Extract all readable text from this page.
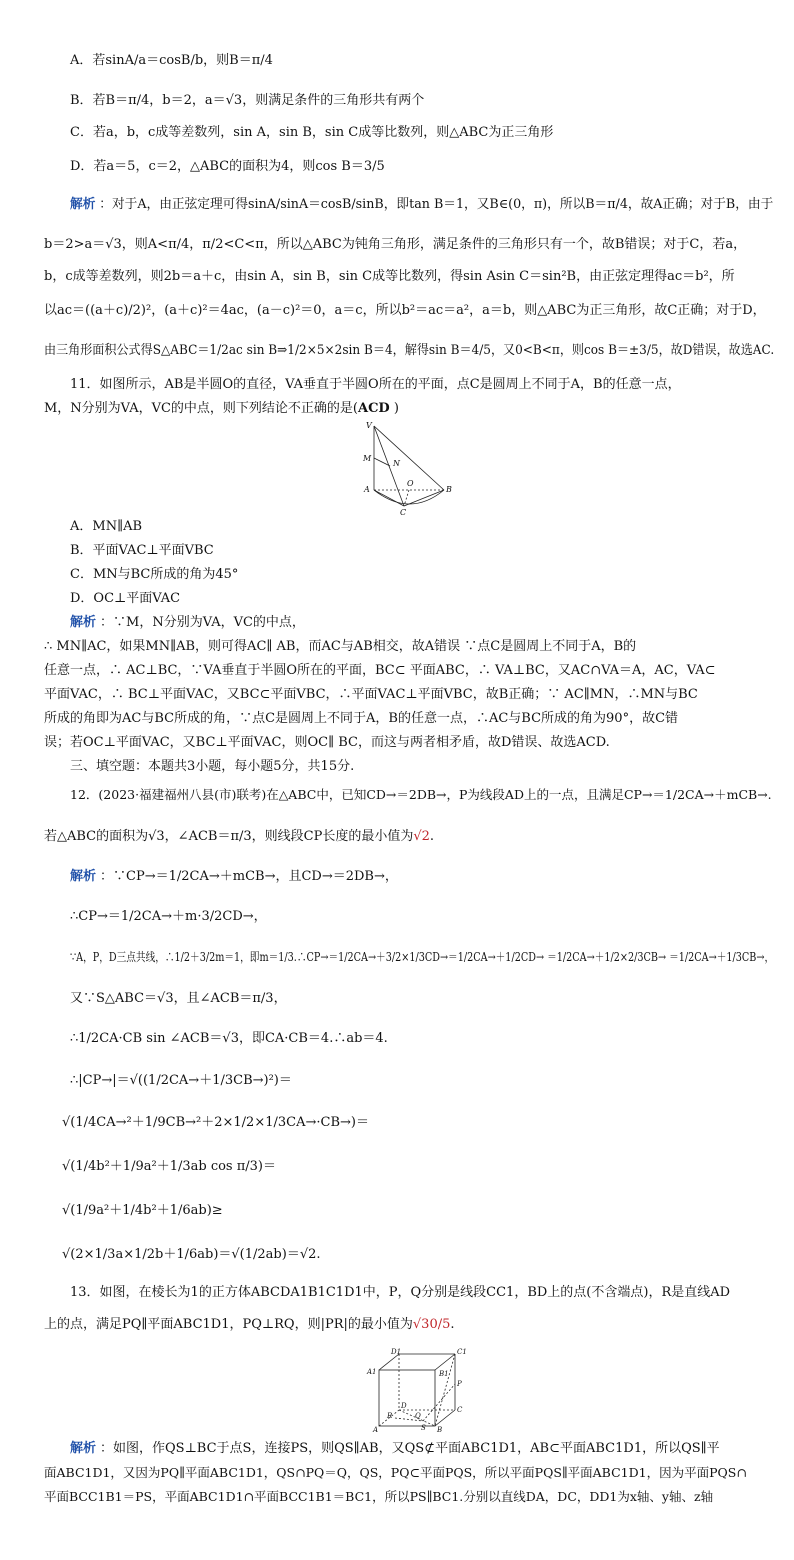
A．若sinA/a＝cosB/b，则B＝π/4
B．若B＝π/4，b＝2，a＝√3，则满足条件的三角形共有两个
C．若a，b，c成等差数列，sin A，sin B，sin C成等比数列，则△ABC为正三角形
D．若a＝5，c＝2，△ABC的面积为4，则cos B＝3/5
解析 ：对于A，由正弦定理可得sinA/sinA＝cosB/sinB，即tan B＝1，又B∈(0，π)，所以B＝π/4，故A正确；对于B，由于
b＝2>a＝√3，则A<π/4，π/2<C<π，所以△ABC为钝角三角形，满足条件的三角形只有一个，故B错误；对于C，若a，
b，c成等差数列，则2b＝a＋c，由sin A，sin B，sin C成等比数列，得sin Asin C＝sin²B，由正弦定理得ac＝b²，所
以ac＝((a＋c)/2)²，(a＋c)²＝4ac，(a－c)²＝0，a＝c，所以b²＝ac＝a²，a＝b，则△ABC为正三角形，故C正确；对于D，
由三角形面积公式得S△ABC＝1/2ac sin B⇒1/2×5×2sin B＝4，解得sin B＝4/5，又0<B<π，则cos B＝±3/5，故D错误，故选AC.
11．如图所示，AB是半圆O的直径，VA垂直于半圆O所在的平面，点C是圆周上不同于A，B的任意一点，
M，N分别为VA，VC的中点，则下列结论不正确的是(ACD )
V
M
N
O
A	B
C
A．MN∥AB
B．平面VAC⊥平面VBC
C．MN与BC所成的角为45°
D．OC⊥平面VAC
解析 ：∵M，N分别为VA，VC的中点，
∴ MN∥AC，如果MN∥AB，则可得AC∥ AB，而AC与AB相交，故A错误 ∵点C是圆周上不同于A，B的
任意一点，∴ AC⊥BC，∵VA垂直于半圆O所在的平面，BC⊂ 平面ABC，∴ VA⊥BC，又AC∩VA＝A，AC，VA⊂
平面VAC，∴ BC⊥平面VAC，又BC⊂平面VBC，∴平面VAC⊥平面VBC，故B正确；∵ AC∥MN，∴MN与BC
所成的角即为AC与BC所成的角，∵点C是圆周上不同于A，B的任意一点，∴AC与BC所成的角为90°，故C错
误；若OC⊥平面VAC，又BC⊥平面VAC，则OC∥ BC，而这与两者相矛盾，故D错误、故选ACD.
三、填空题：本题共3小题，每小题5分，共15分.
12．(2023·福建福州八县(市)联考)在△ABC中，已知CD→＝2DB→，P为线段AD上的一点，且满足CP→＝1/2CA→＋mCB→.
若△ABC的面积为√3，∠ACB＝π/3，则线段CP长度的最小值为√2.
解析 ：∵CP→＝1/2CA→＋mCB→，且CD→＝2DB→，
∴CP→＝1/2CA→＋m·3/2CD→，
∵A，P，D三点共线，∴1/2＋3/2m＝1，即m＝1/3.∴CP→＝1/2CA→＋3/2×1/3CD→＝1/2CA→＋1/2CD→ ＝1/2CA→＋1/2×2/3CB→ ＝1/2CA→＋1/3CB→，
又∵S△ABC＝√3，且∠ACB＝π/3，
∴1/2CA·CB sin ∠ACB＝√3，即CA·CB＝4.∴ab＝4.
∴|CP→|＝√((1/2CA→＋1/3CB→)²)＝
√(1/4CA→²＋1/9CB→²＋2×1/2×1/3CA→·CB→)＝
√(1/4b²＋1/9a²＋1/3ab cos π/3)＝
√(1/9a²＋1/4b²＋1/6ab)≥
√(2×1/3a×1/2b＋1/6ab)＝√(1/2ab)＝√2.
13．如图，在棱长为1的正方体ABCDA1B1C1D1中，P，Q分别是线段CC1，BD上的点(不含端点)，R是直线AD
上的点，满足PQ∥平面ABC1D1，PQ⊥RQ，则|PR|的最小值为√30/5.
D1	C1
A1	B1
P
D
R	Q
C
A	S B
解析 ：如图，作QS⊥BC于点S，连接PS，则QS∥AB，又QS⊄平面ABC1D1，AB⊂平面ABC1D1，所以QS∥平
面ABC1D1，又因为PQ∥平面ABC1D1，QS∩PQ＝Q，QS，PQ⊂平面PQS，所以平面PQS∥平面ABC1D1，因为平面PQS∩
平面BCC1B1＝PS，平面ABC1D1∩平面BCC1B1＝BC1，所以PS∥BC1.分别以直线DA，DC，DD1为x轴、y轴、z轴
